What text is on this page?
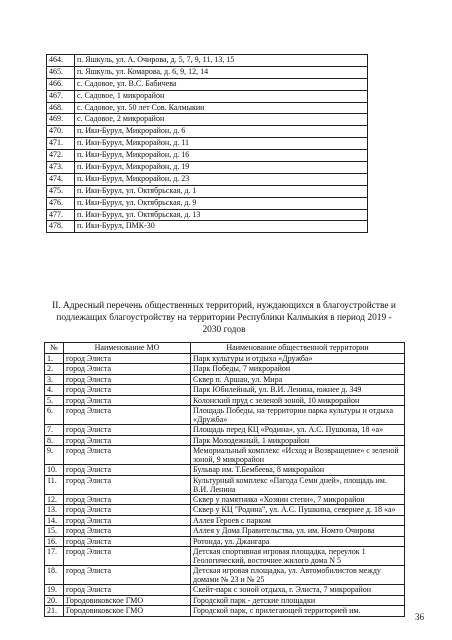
464.	п. Яшкуль, ул. А. Очирова, д. 5, 7, 9, 11, 13, 15
465.	п. Яшкуль, ул. Комарова, д. 6, 9, 12, 14
466.	с. Садовое, ул. В.С. Бабичева
467.	с. Садовое, 1 микрорайон
468.	с. Садовое, ул. 50 лет Сов. Калмыкии
469.	с. Садовое, 2 микрорайон
470.	п. Ики-Бурул, Микрорайон, д. 6
471.	п. Ики-Бурул, Микрорайон, д. 11
472.	п. Ики-Бурул, Микрорайон, д. 16
473.	п. Ики-Бурул, Микрорайон, д. 19
474.	п. Ики-Бурул, Микрорайон, д. 23
475.	п. Ики-Бурул, ул. Октябрьская, д. 1
476.	п. Ики-Бурул, ул. Октябрьская, д. 9
477.	п. Ики-Бурул, ул. Октябрьская, д. 13
478.	п. Ики-Бурул, ПМК-30
II. Адресный перечень общественных территорий, нуждающихся в благоустройстве и подлежащих благоустройству на территории Республики Калмыкия в период 2019 - 2030 годов
№	Наименование МО	Наименование общественной территории
1.	город Элиста	Парк культуры и отдыха «Дружба»
2.	город Элиста	Парк Победы, 7 микрорайон
3.	город Элиста	Сквер п. Аршан, ул. Мира
4.	город Элиста	Парк Юбилейный, ул. В.И. Ленина, южнее д. 349
5.	город Элиста	Колонский пруд с зеленой зоной, 10 микрорайон
6.	город Элиста	Площадь Победы, на территории парка культуры и отдыха «Дружба»
7.	город Элиста	Площадь перед КЦ «Родина», ул. А.С. Пушкина, 18 «а»
8.	город Элиста	Парк Молодежный, 1 микрорайон
9.	город Элиста	Мемориальный комплекс «Исход и Возвращение» с зеленой зоной, 9 микрорайон
10.	город Элиста	Бульвар им. Т.Бембеева, 8 микрорайон
11.	город Элиста	Культурный комплекс «Пагода Семи дней», площадь им. В.И. Ленина
12.	город Элиста	Сквер у памятника «Хозяин степи», 7 микрорайон
13.	город Элиста	Сквер у КЦ "Родина", ул. А.С. Пушкина, севернее д. 18 «а»
14.	город Элиста	Аллея Героев с парком
15.	город Элиста	Аллея у Дома Правительства, ул. им. Номто Очирова
16.	город Элиста	Ротонда, ул. Джангара
17.	город Элиста	Детская спортивная игровая площадка, переулок 1 Геологический, восточнее жилого дома N 5
18.	город Элиста	Детская игровая площадка, ул. Автомобилистов между домами № 23 и № 25
19.	город Элиста	Скейт-парк с зоной отдыха, г. Элиста, 7 микрорайон
20.	Городовиковское ГМО	Городской парк - детские площадки
21.	Городовиковское ГМО	Городской парк, с прилегающей территорией им.
36
